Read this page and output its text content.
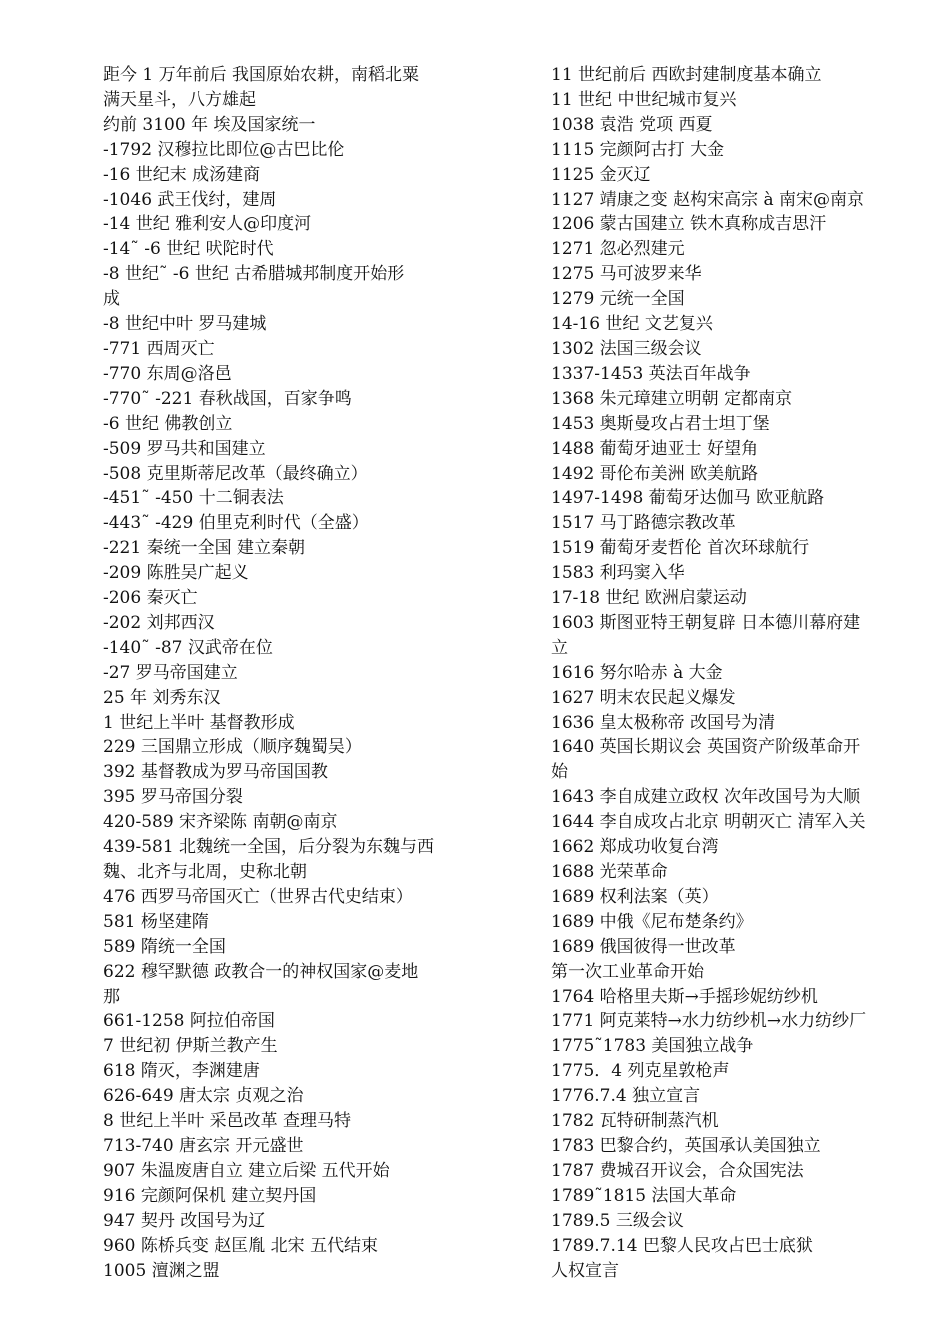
距今 1 万年前后 我国原始农耕，南稻北粟

满天星斗，八方雄起

约前 3100 年 埃及国家统一

-1792 汉穆拉比即位@古巴比伦

-16 世纪末 成汤建商

-1046 武王伐纣，建周

-14 世纪 雅利安人@印度河

-14˜ -6 世纪 吠陀时代

-8 世纪˜ -6 世纪 古希腊城邦制度开始形

成

-8 世纪中叶 罗马建城

-771 西周灭亡

-770 东周@洛邑

-770˜ -221 春秋战国，百家争鸣

-6 世纪 佛教创立

-509 罗马共和国建立

-508 克里斯蒂尼改革（最终确立）

-451˜ -450 十二铜表法

-443˜ -429 伯里克利时代（全盛）

-221 秦统一全国 建立秦朝

-209 陈胜吴广起义

-206 秦灭亡

-202 刘邦西汉

-140˜ -87 汉武帝在位

-27 罗马帝国建立

25 年 刘秀东汉

1 世纪上半叶 基督教形成

229 三国鼎立形成（顺序魏蜀吴）

392 基督教成为罗马帝国国教

395 罗马帝国分裂

420-589 宋齐梁陈 南朝@南京

439-581 北魏统一全国，后分裂为东魏与西

魏、北齐与北周，史称北朝

476 西罗马帝国灭亡（世界古代史结束）

581 杨坚建隋

589 隋统一全国

622 穆罕默德 政教合一的神权国家@麦地

那

661-1258 阿拉伯帝国

7 世纪初 伊斯兰教产生

618 隋灭，李渊建唐

626-649 唐太宗 贞观之治

8 世纪上半叶 采邑改革 查理马特

713-740 唐玄宗 开元盛世

907 朱温废唐自立 建立后梁 五代开始

916 完颜阿保机 建立契丹国

947 契丹 改国号为辽

960 陈桥兵变 赵匡胤 北宋 五代结束

1005 澶渊之盟

11 世纪前后 西欧封建制度基本确立

11 世纪 中世纪城市复兴

1038 袁浩 党项 西夏

1115 完颜阿古打 大金

1125 金灭辽

1127 靖康之变 赵构宋高宗 à 南宋@南京

1206 蒙古国建立 铁木真称成吉思汗

1271 忽必烈建元

1275 马可波罗来华

1279 元统一全国

14-16 世纪 文艺复兴

1302 法国三级会议

1337-1453 英法百年战争

1368 朱元璋建立明朝 定都南京

1453 奥斯曼攻占君士坦丁堡

1488 葡萄牙迪亚士 好望角

1492 哥伦布美洲 欧美航路

1497-1498 葡萄牙达伽马 欧亚航路

1517 马丁路德宗教改革

1519 葡萄牙麦哲伦 首次环球航行

1583 利玛窦入华

17-18 世纪 欧洲启蒙运动

1603 斯图亚特王朝复辟 日本德川幕府建

立

1616 努尔哈赤 à 大金

1627 明末农民起义爆发

1636 皇太极称帝 改国号为清

1640 英国长期议会 英国资产阶级革命开

始

1643 李自成建立政权 次年改国号为大顺

1644 李自成攻占北京 明朝灭亡 清军入关

1662 郑成功收复台湾

1688 光荣革命

1689 权利法案（英）

1689 中俄《尼布楚条约》

1689 俄国彼得一世改革

第一次工业革命开始

1764 哈格里夫斯→手摇珍妮纺纱机

1771 阿克莱特→水力纺纱机→水力纺纱厂

1775˜1783 美国独立战争

1775．4 列克星敦枪声

1776.7.4 独立宣言

1782 瓦特研制蒸汽机

1783 巴黎合约，英国承认美国独立

1787 费城召开议会，合众国宪法

1789˜1815 法国大革命

1789.5 三级会议

1789.7.14 巴黎人民攻占巴士底狱

人权宣言
